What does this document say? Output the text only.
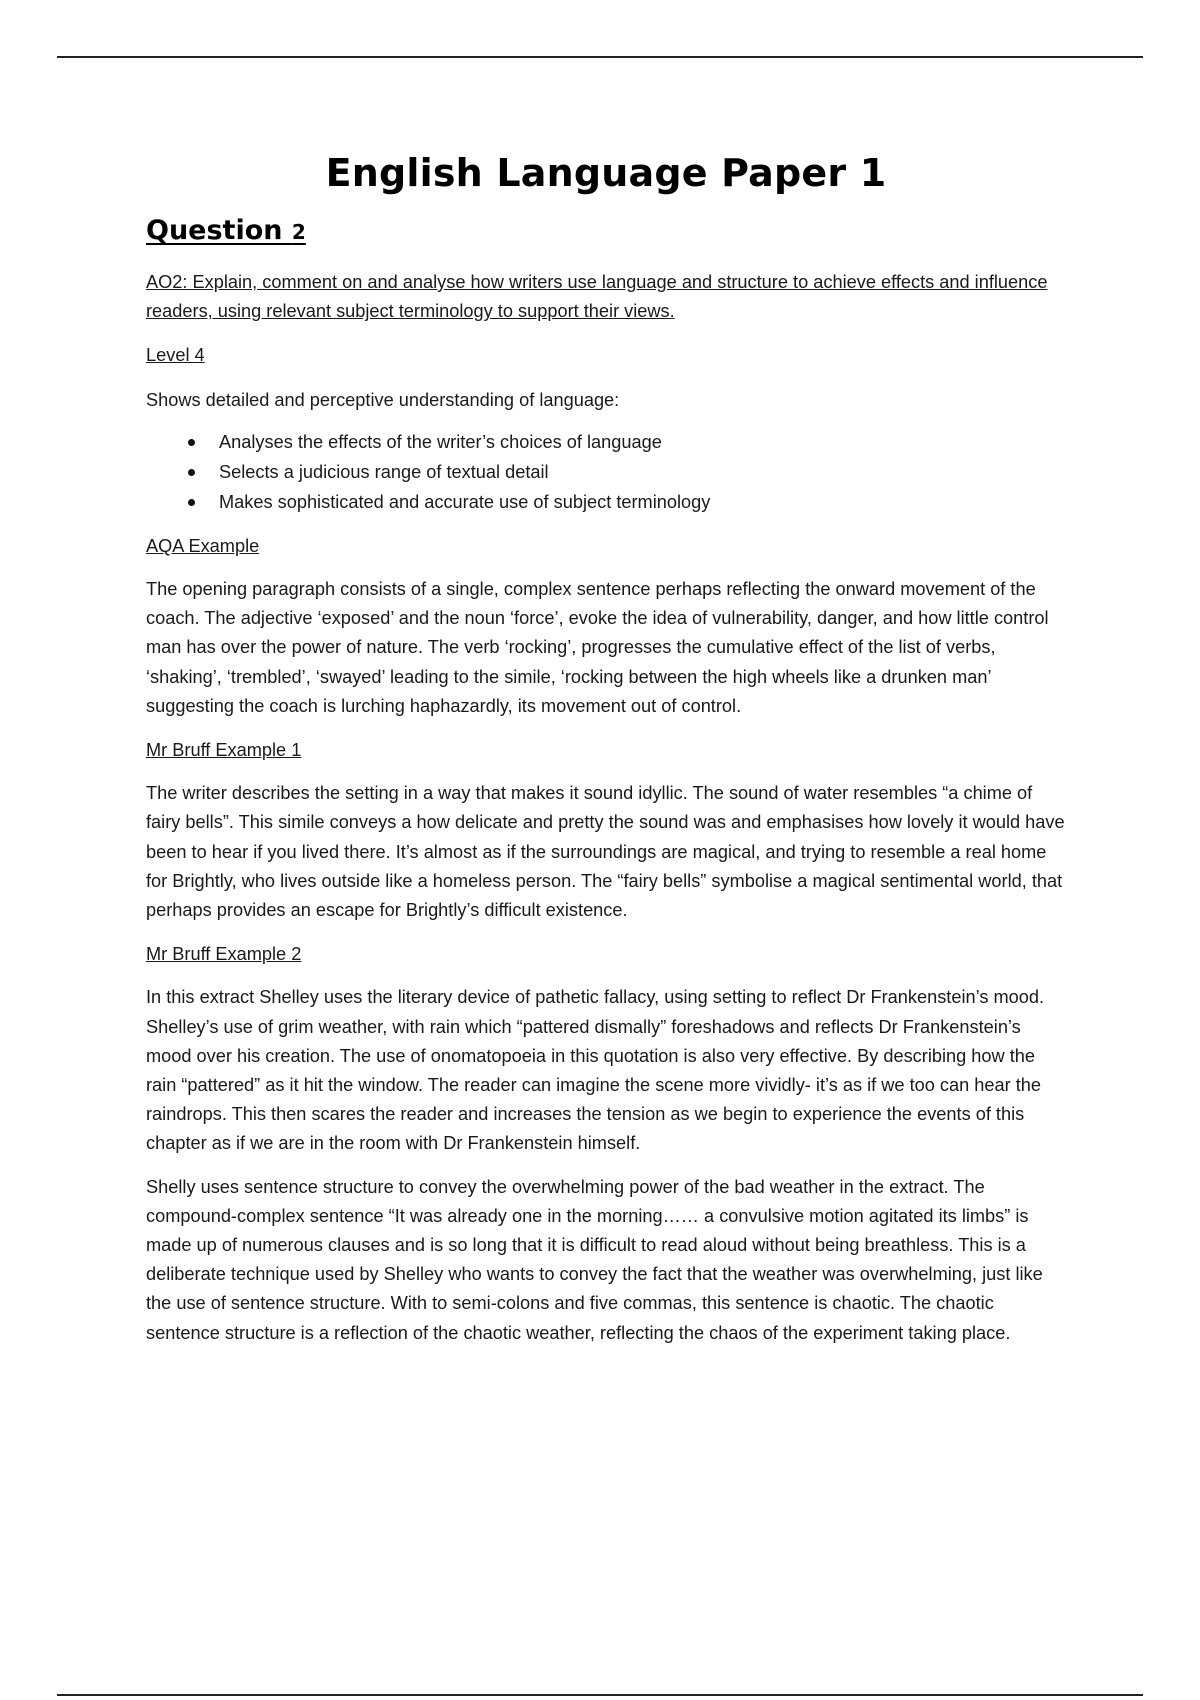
English Language Paper 1
Question 2

AO2: Explain, comment on and analyse how writers use language and structure to achieve effects and influence readers, using relevant subject terminology to support their views.

Level 4

Shows detailed and perceptive understanding of language:

Analyses the effects of the writer’s choices of language
Selects a judicious range of textual detail
Makes sophisticated and accurate use of subject terminology

AQA Example

The opening paragraph consists of a single, complex sentence perhaps reflecting the onward movement of the coach. The adjective ‘exposed’ and the noun ‘force’, evoke the idea of vulnerability, danger, and how little control man has over the power of nature. The verb ‘rocking’, progresses the cumulative effect of the list of verbs, ‘shaking’, ‘trembled’, ‘swayed’ leading to the simile, ‘rocking between the high wheels like a drunken man’ suggesting the coach is lurching haphazardly, its movement out of control.

Mr Bruff Example 1

The writer describes the setting in a way that makes it sound idyllic. The sound of water resembles “a chime of fairy bells”. This simile conveys a how delicate and pretty the sound was and emphasises how lovely it would have been to hear if you lived there. It’s almost as if the surroundings are magical, and trying to resemble a real home for Brightly, who lives outside like a homeless person. The “fairy bells” symbolise a magical sentimental world, that perhaps provides an escape for Brightly’s difficult existence.

Mr Bruff Example 2

In this extract Shelley uses the literary device of pathetic fallacy, using setting to reflect Dr Frankenstein’s mood. Shelley’s use of grim weather, with rain which “pattered dismally” foreshadows and reflects Dr Frankenstein’s mood over his creation. The use of onomatopoeia in this quotation is also very effective. By describing how the rain “pattered” as it hit the window. The reader can imagine the scene more vividly- it’s as if we too can hear the raindrops. This then scares the reader and increases the tension as we begin to experience the events of this chapter as if we are in the room with Dr Frankenstein himself.

Shelly uses sentence structure to convey the overwhelming power of the bad weather in the extract. The compound-complex sentence “It was already one in the morning…… a convulsive motion agitated its limbs” is made up of numerous clauses and is so long that it is difficult to read aloud without being breathless. This is a deliberate technique used by Shelley who wants to convey the fact that the weather was overwhelming, just like the use of sentence structure. With to semi-colons and five commas, this sentence is chaotic. The chaotic sentence structure is a reflection of the chaotic weather, reflecting the chaos of the experiment taking place.
